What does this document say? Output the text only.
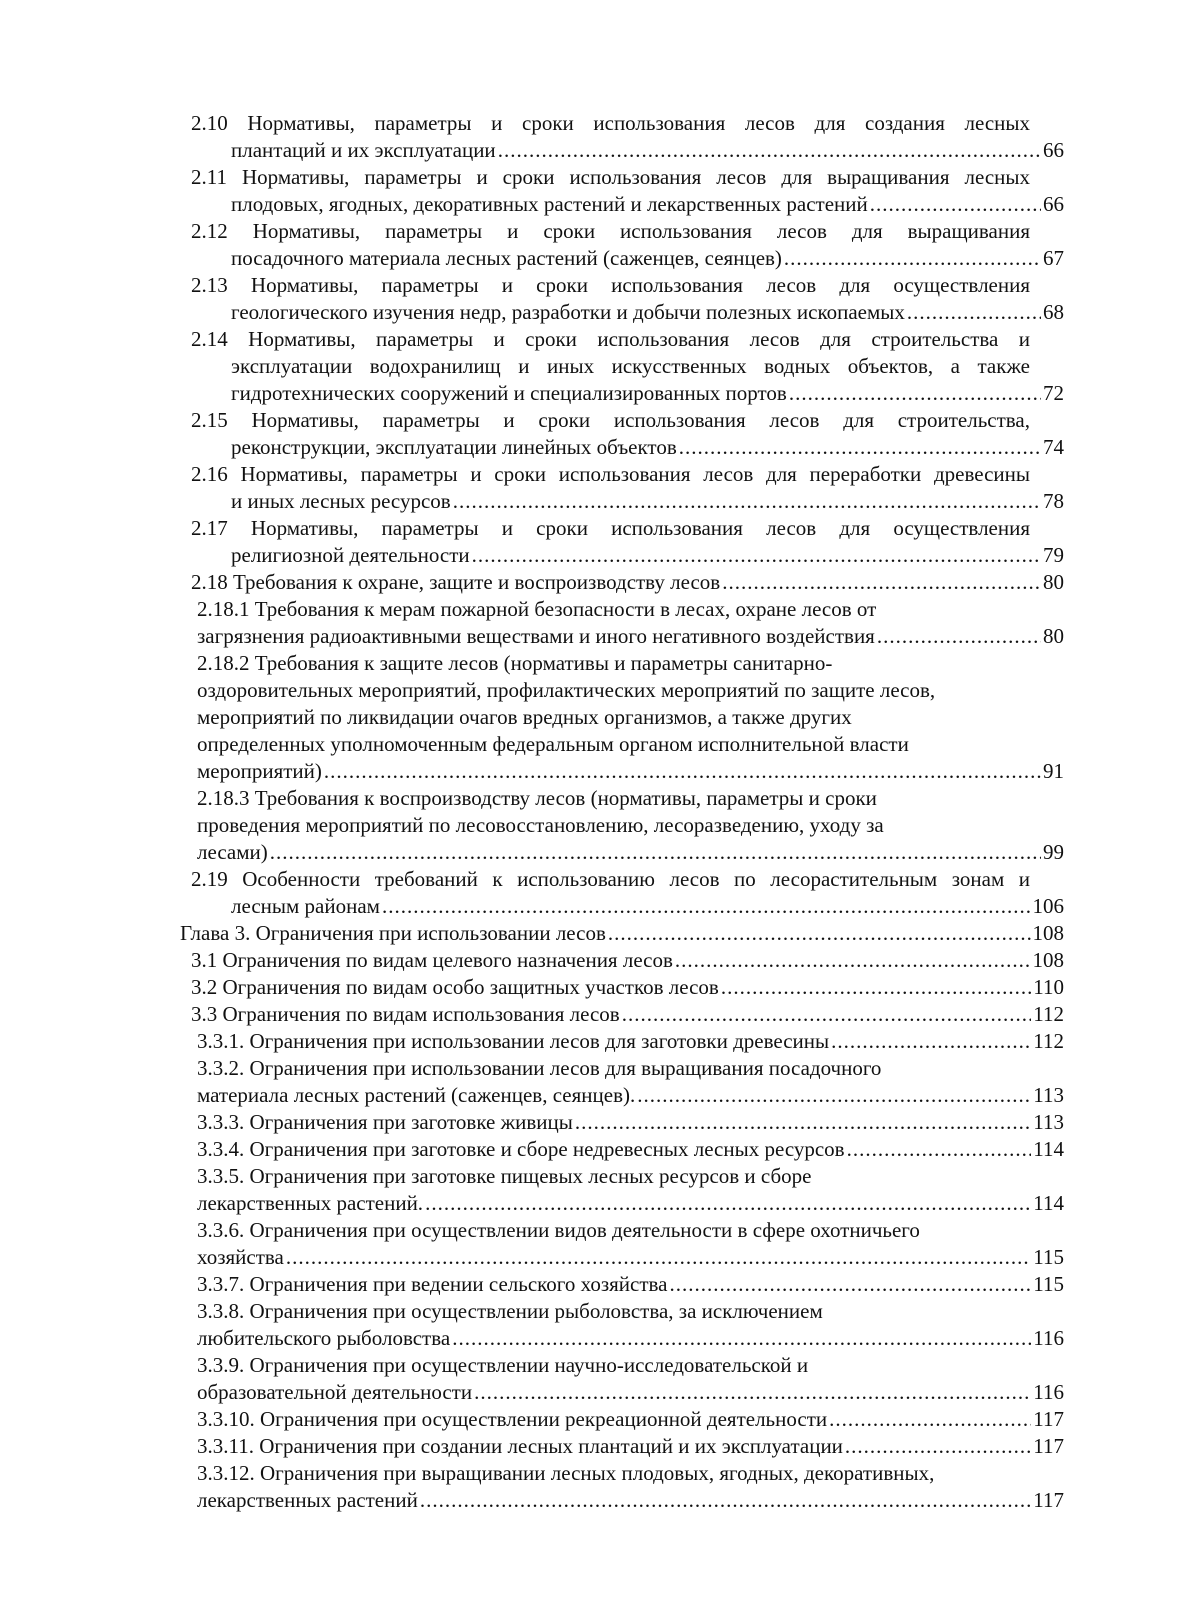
2.10 Нормативы, параметры и сроки использования лесов для создания лесных
плантаций и их эксплуатации .....	66
2.11 Нормативы, параметры и сроки использования лесов для выращивания лесных
плодовых, ягодных, декоративных растений и лекарственных растений .....	66
2.12 Нормативы, параметры и сроки использования лесов для выращивания
посадочного материала лесных растений (саженцев, сеянцев) .....	67
2.13 Нормативы, параметры и сроки использования лесов для осуществления
геологического изучения недр, разработки и добычи полезных ископаемых .....	68
2.14 Нормативы, параметры и сроки использования лесов для строительства и
эксплуатации водохранилищ и иных искусственных водных объектов, а также
гидротехнических сооружений и специализированных портов .....	72
2.15 Нормативы, параметры и сроки использования лесов для строительства,
реконструкции, эксплуатации линейных объектов .....	74
2.16 Нормативы, параметры и сроки использования лесов для переработки древесины
и иных лесных ресурсов .....	78
2.17 Нормативы, параметры и сроки использования лесов для осуществления
религиозной деятельности .....	79
2.18 Требования к охране, защите и воспроизводству лесов .....	80
2.18.1 Требования к мерам пожарной безопасности в лесах, охране лесов от
загрязнения радиоактивными веществами и иного негативного воздействия .....	80
2.18.2 Требования к защите лесов (нормативы и параметры санитарно-
оздоровительных мероприятий, профилактических мероприятий по защите лесов,
мероприятий по ликвидации очагов вредных организмов, а также других
определенных уполномоченным федеральным органом исполнительной власти
мероприятий) .....	91
2.18.3 Требования к воспроизводству лесов (нормативы, параметры и сроки
проведения мероприятий по лесовосстановлению, лесоразведению, уходу за
лесами) .....	99
2.19 Особенности требований к использованию лесов по лесорастительным зонам и
лесным районам .....	106
Глава 3. Ограничения при использовании лесов .....	108
3.1 Ограничения по видам целевого назначения лесов .....	108
3.2 Ограничения по видам особо защитных участков лесов .....	110
3.3 Ограничения по видам использования лесов .....	112
3.3.1. Ограничения при использовании лесов для заготовки древесины .....	112
3.3.2. Ограничения при использовании лесов для выращивания посадочного
материала лесных растений (саженцев, сеянцев). .....	113
3.3.3. Ограничения при заготовке живицы .....	113
3.3.4. Ограничения при заготовке и сборе недревесных лесных ресурсов .....	114
3.3.5. Ограничения при заготовке пищевых лесных ресурсов и сборе
лекарственных растений. .....	114
3.3.6. Ограничения при осуществлении видов деятельности в сфере охотничьего
хозяйства .....	115
3.3.7. Ограничения при ведении сельского хозяйства .....	115
3.3.8. Ограничения при осуществлении рыболовства, за исключением
любительского рыболовства .....	116
3.3.9. Ограничения при осуществлении научно-исследовательской и
образовательной деятельности .....	116
3.3.10. Ограничения при осуществлении рекреационной деятельности .....	117
3.3.11. Ограничения при создании лесных плантаций и их эксплуатации .....	117
3.3.12. Ограничения при выращивании лесных плодовых, ягодных, декоративных,
лекарственных растений .....	117
